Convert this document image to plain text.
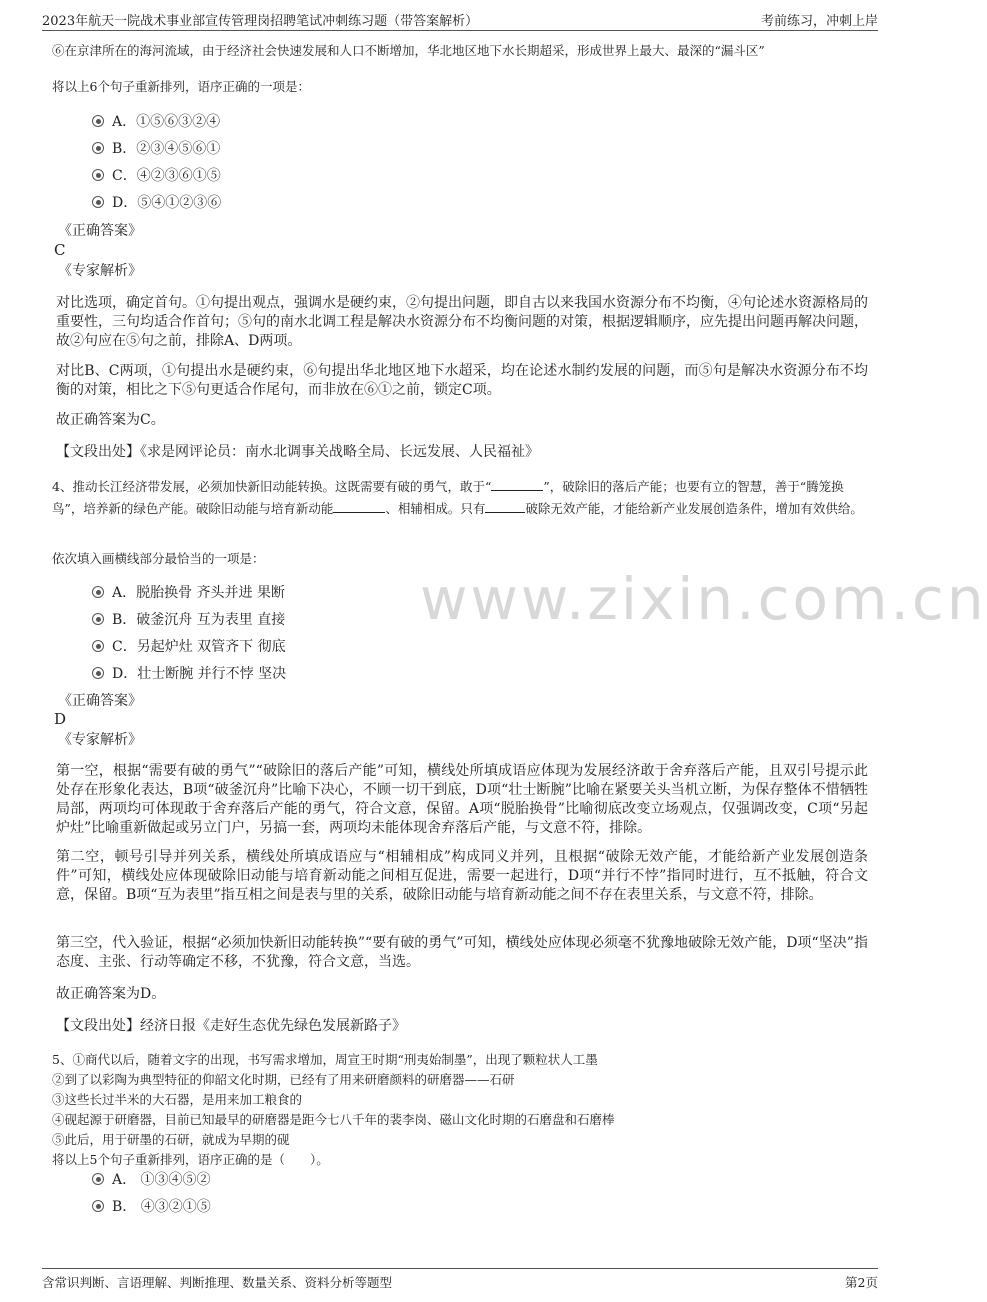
2023年航天一院战术事业部宣传管理岗招聘笔试冲刺练习题（带答案解析）	考前练习，冲刺上岸
www.zixin.com.cn
⑥在京津所在的海河流域，由于经济社会快速发展和人口不断增加，华北地区地下水长期超采，形成世界上最大、最深的“漏斗区”
将以上6个句子重新排列，语序正确的一项是：
A．①⑤⑥③②④
B．②③④⑤⑥①
C．④②③⑥①⑤
D．⑤④①②③⑥
《正确答案》
C
《专家解析》
对比选项，确定首句。①句提出观点，强调水是硬约束，②句提出问题，即自古以来我国水资源分布不均衡，④句论述水资源格局的重要性，三句均适合作首句；⑤句的南水北调工程是解决水资源分布不均衡问题的对策，根据逻辑顺序，应先提出问题再解决问题，故②句应在⑤句之前，排除A、D两项。
对比B、C两项，①句提出水是硬约束，⑥句提出华北地区地下水超采，均在论述水制约发展的问题，而⑤句是解决水资源分布不均衡的对策，相比之下⑤句更适合作尾句，而非放在⑥①之前，锁定C项。
故正确答案为C。
【文段出处】《求是网评论员：南水北调事关战略全局、长远发展、人民福祉》
4、推动长江经济带发展，必须加快新旧动能转换。这既需要有破的勇气，敢于“	”，破除旧的落后产能；也要有立的智慧，善于“腾笼换鸟”，培养新的绿色产能。破除旧动能与培育新动能	、相辅相成。只有	破除无效产能，才能给新产业发展创造条件，增加有效供给。
依次填入画横线部分最恰当的一项是：
A．脱胎换骨 齐头并进 果断
B．破釜沉舟 互为表里 直接
C．另起炉灶 双管齐下 彻底
D．壮士断腕 并行不悖 坚决
《正确答案》
D
《专家解析》
第一空，根据“需要有破的勇气”“破除旧的落后产能”可知，横线处所填成语应体现为发展经济敢于舍弃落后产能，且双引号提示此处存在形象化表达，B项“破釜沉舟”比喻下决心，不顾一切干到底，D项“壮士断腕”比喻在紧要关头当机立断，为保存整体不惜牺牲局部，两项均可体现敢于舍弃落后产能的勇气，符合文意，保留。A项“脱胎换骨”比喻彻底改变立场观点，仅强调改变，C项“另起炉灶”比喻重新做起或另立门户，另搞一套，两项均未能体现舍弃落后产能，与文意不符，排除。
第二空，顿号引导并列关系，横线处所填成语应与“相辅相成”构成同义并列，且根据“破除无效产能，才能给新产业发展创造条件”可知，横线处应体现破除旧动能与培育新动能之间相互促进，需要一起进行，D项“并行不悖”指同时进行，互不抵触，符合文意，保留。B项“互为表里”指互相之间是表与里的关系，破除旧动能与培育新动能之间不存在表里关系，与文意不符，排除。
第三空，代入验证，根据“必须加快新旧动能转换”“要有破的勇气”可知，横线处应体现必须毫不犹豫地破除无效产能，D项“坚决”指态度、主张、行动等确定不移，不犹豫，符合文意，当选。
故正确答案为D。
【文段出处】经济日报《走好生态优先绿色发展新路子》
5、①商代以后，随着文字的出现，书写需求增加，周宣王时期“刑夷始制墨”，出现了颗粒状人工墨
②到了以彩陶为典型特征的仰韶文化时期，已经有了用来研磨颜料的研磨器——石研
③这些长过半米的大石器，是用来加工粮食的
④砚起源于研磨器，目前已知最早的研磨器是距今七八千年的裴李岗、磁山文化时期的石磨盘和石磨棒
⑤此后，用于研墨的石研，就成为早期的砚
将以上5个句子重新排列，语序正确的是（　　）。
A． ①③④⑤②
B． ④③②①⑤
含常识判断、言语理解、判断推理、数量关系、资料分析等题型	第2页
